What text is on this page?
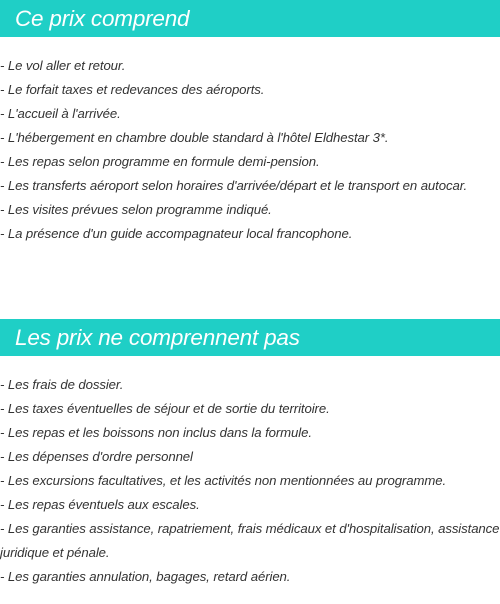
Ce prix comprend
- Le vol aller et retour.
- Le forfait taxes et redevances des aéroports.
- L'accueil à l'arrivée.
- L'hébergement en chambre double standard à l'hôtel Eldhestar 3*.
- Les repas selon programme en formule demi-pension.
- Les transferts aéroport selon horaires d'arrivée/départ et le transport en autocar.
- Les visites prévues selon programme indiqué.
- La présence d'un guide accompagnateur local francophone.
Les prix ne comprennent pas
- Les frais de dossier.
- Les taxes éventuelles de séjour et de sortie du territoire.
- Les repas et les boissons non inclus dans la formule.
- Les dépenses d'ordre personnel
- Les excursions facultatives, et les activités non mentionnées au programme.
- Les repas éventuels aux escales.
- Les garanties assistance, rapatriement, frais médicaux et d'hospitalisation, assistance juridique et pénale.
- Les garanties annulation, bagages, retard aérien.
